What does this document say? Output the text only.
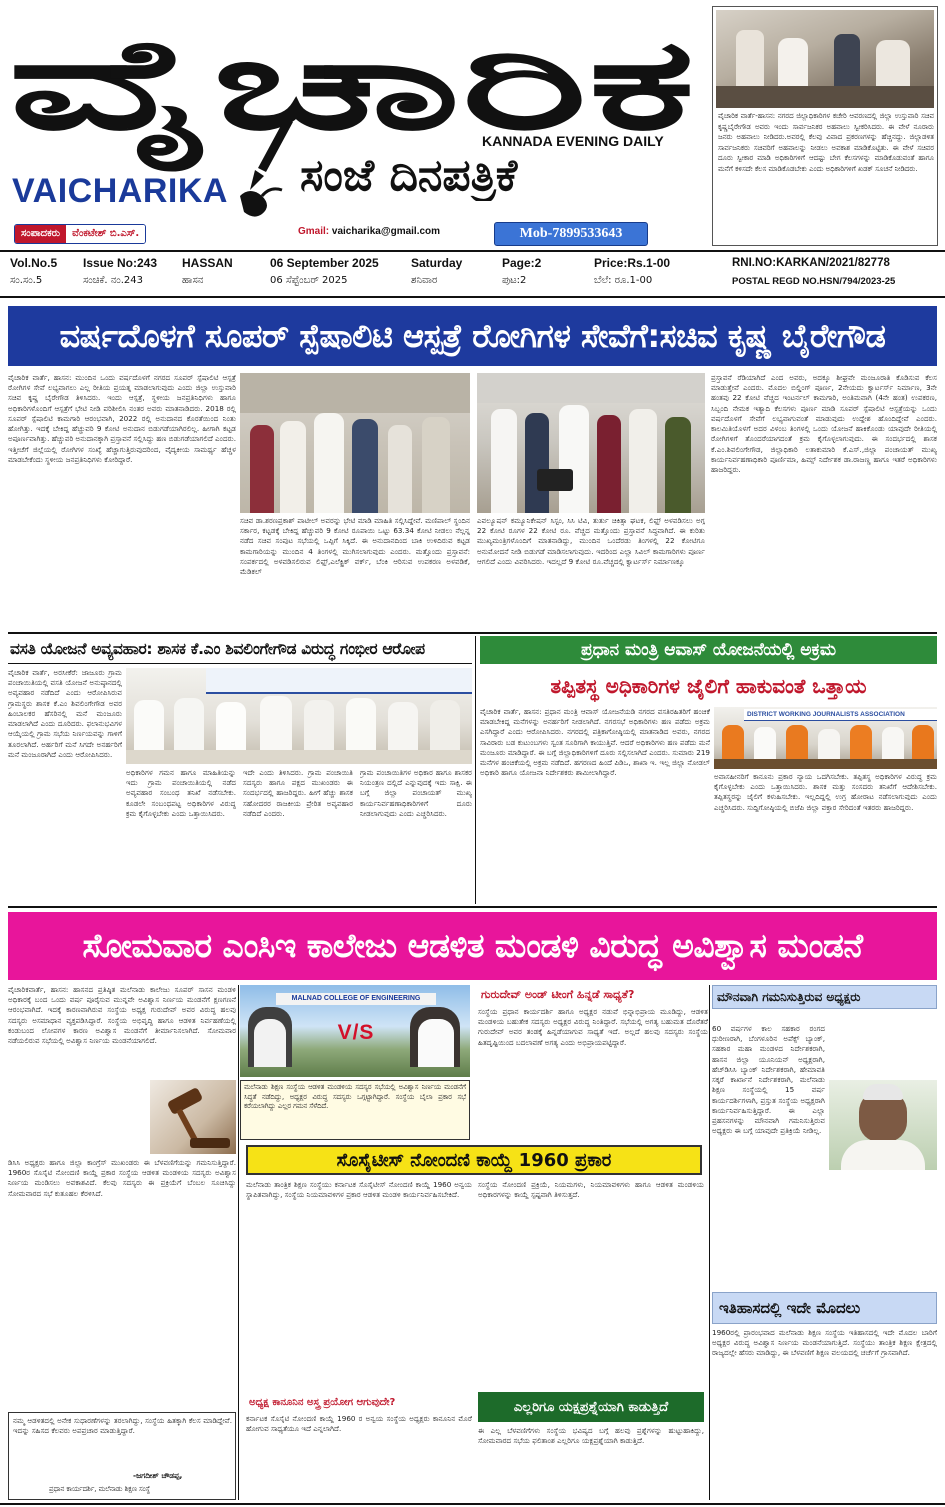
ವೈಚಾರಿಕ
VAICHARIKA
KANNADA EVENING DAILY
ಸಂಜೆ ದಿನಪತ್ರಿಕೆ
ಸಂಪಾದಕರು	ವೆಂಕಟೇಶ್ ಬಿ.ಎಸ್.	Gmail: vaicharika@gmail.com	Mob-7899533643
ವೈಚಾರಿಕ ವಾರ್ತೆ-ಹಾಸನ: ನಗರದ ಜಿಲ್ಲಾಧಿಕಾರಿಗಳ ಕಚೇರಿ ಆವರಣದಲ್ಲಿ ಜಿಲ್ಲಾ ಉಸ್ತುವಾರಿ ಸಚಿವ ಕೃಷ್ಣಬೈರೇಗೌಡ ಅವರು ಇಂದು ಸಾರ್ವಜನಿಕರ ಅಹವಾಲು ಸ್ವೀಕರಿಸಿದರು. ಈ ವೇಳೆ ನೂರಾರು ಜನರು ಅಹವಾಲು ನೀಡಿದರು.ಅವರಲ್ಲಿ ಕೆಲವು ವಿವಾದ ಪ್ರಕರಣಗಳನ್ನು ಹೆಚ್ಚಿನದ್ದು. ಜಿಲ್ಲಾಡಳಿತ ಸಾರ್ವಜನಿಕರು ಸಚಿವರಿಗೆ ಅಹವಾಲನ್ನು ನೀಡಲು ಅವಕಾಶ ಮಾಡಿಕೊಟ್ಟಿತು. ಈ ವೇಳೆ ಸಚಿವರ ದೂರು ಸ್ವೀಕಾರ ಮಾಡಿ ಅಧಿಕಾರಿಗಳಿಗೆ ಆದಷ್ಟು ಬೇಗ ಕೆಲಸಗಳನ್ನು ಮಾಡಿಕೊಡುವಂತೆ ಹಾಗೂ ಮನೆಗೆ ಕಳಿಸದೇ ಕೆಲಸ ಮಾಡಿಕೊಡಬೇಕು ಎಂದು ಅಧಿಕಾರಿಗಳಿಗೆ ಖಡಕ್ ಸೂಚನೆ ನೀಡಿದರು.
Vol.No.5 Issue No:243 HASSAN	06 September 2025	Saturday	Page:2	Price:Rs.1-00
ಸಂ.ಸಂ.5	ಸಂಚಿಕೆ. ನಂ.243	ಹಾಸನ	06 ಸೆಪ್ಟೆಂಬರ್ 2025	ಶನಿವಾರ	ಪುಟ:2	ಬೆಲೆ: ರೂ.1-00
RNI.NO:KARKAN/2021/82778
POSTAL REGD NO.HSN/794/2023-25
ವರ್ಷದೊಳಗೆ ಸೂಪರ್ ಸ್ಪೆಷಾಲಿಟಿ ಆಸ್ಪತ್ರೆ ರೋಗಿಗಳ ಸೇವೆಗೆ:ಸಚಿವ ಕೃಷ್ಣ ಬೈರೇಗೌಡ
ವೈಚಾರಿಕ ವಾರ್ತೆ, ಹಾಸನ: ಮುಂದಿನ ಒಂದು ವರ್ಷದೊಳಗೆ ನಗರದ ಸೂಪರ್ ಸ್ಪೆಷಾಲಿಟಿ ಆಸ್ಪತ್ರೆ ರೋಗಿಗಳ ಸೇವೆ ಲಭ್ಯವಾಗಲು ಎಲ್ಲ ರೀತಿಯ ಪ್ರಯತ್ನ ಮಾಡಲಾಗುವುದು ಎಂದು ಜಿಲ್ಲಾ ಉಸ್ತುವಾರಿ ಸಚಿವ ಕೃಷ್ಣ ಬೈರೇಗೌಡ ತಿಳಿಸಿದರು. ಇಂದು ಆಸ್ಪತ್ರೆ, ಸ್ಥಳೀಯ ಜನಪ್ರತಿನಿಧಿಗಳು ಹಾಗೂ ಅಧಿಕಾರಿಗಳೊಂದಿಗೆ ಆಸ್ಪತ್ರೆಗೆ ಭೇಟಿ ನೀಡಿ ಪರಿಶೀಲಿಸಿ ನಂತರ ಅವರು ಮಾತನಾಡಿದರು. 2018 ರಲ್ಲಿ ಸೂಪರ್ ಸ್ಪೆಷಾಲಿಟಿ ಕಾಮಗಾರಿ ಆರಂಭವಾಗಿ, 2022 ರಲ್ಲಿ ಅನುದಾನದ ಕೊರತೆಯಿಂದ ನಿಂತು ಹೋಗಿತ್ತು. ಇದಕ್ಕೆ ಬೇಕಿದ್ದ ಹೆಚ್ಚುವರಿ 9 ಕೋಟಿ ಅನುದಾನ ಬಿಡುಗಡೆಯಾಗಿರಲಿಲ್ಲ. ಹೀಗಾಗಿ ಕಟ್ಟಡ ಅಪೂರ್ಣವಾಗಿತ್ತು. ಹೆಚ್ಚುವರಿ ಅನುದಾನಕ್ಕಾಗಿ ಪ್ರಸ್ತಾವನೆ ಸಲ್ಲಿಸಿದ್ದು ಹಣ ಬಿಡುಗಡೆಯಾಗಲಿದೆ ಎಂದರು. ಇತ್ತೀಚೆಗೆ ಜಿಲ್ಲೆಯಲ್ಲಿ ರೋಗಿಗಳ ಸಂಖ್ಯೆ ಹೆಚ್ಚಾಗುತ್ತಿರುವುದರಿಂದ, ವೈದ್ಯಕೀಯ ಸಾಮರ್ಥ್ಯ ಹೆಚ್ಚಳ ಮಾಡಬೇಕೆಂದು ಸ್ಥಳೀಯ ಜನಪ್ರತಿನಿಧಿಗಳು ಕೋರಿದ್ದಾರೆ.
ಸಚಿವ ಡಾ.ಶರಣಪ್ರಕಾಶ್ ಪಾಟೀಲ್ ಅವರನ್ನು ಭೇಟಿ ಮಾಡಿ ಮಾಹಿತಿ ಸಲ್ಲಿಸಿದ್ದೇವೆ. ಮಣಿಪಾಲ್ ಸ್ಥಂದಿನ ಸರ್ಕಾರ, ಕಟ್ಟಡಕ್ಕೆ ಬೇಕಿದ್ದ ಹೆಚ್ಚುವರಿ 9 ಕೋಟಿ ರೂಪಾಯಿ ಒಟ್ಟು 63.34 ಕೋಟಿ ನೀಡಲು ನೆಲ್ಲನ್ನ ನಡೆದ ಸಚಿವ ಸಂಪುಟ ಸಭೆಯಲ್ಲಿ ಒಪ್ಪಿಗೆ ಸಿಕ್ಕಿದೆ. ಈ ಅನುದಾನದಿಂದ ಬಾಕಿ ಉಳಿದಿರುವ ಕಟ್ಟಡ ಕಾಮಗಾರಿಯನ್ನು ಮುಂದಿನ 4 ತಿಂಗಳಲ್ಲಿ ಮುಗಿಸಲಾಗುವುದು ಎಂದರು. ಮತ್ತೊಂದು ಪ್ರಸ್ತಾವನೆ: ಸಂಪರ್ಕದಲ್ಲಿ ಅಳವಡಿಸಲಿರುವ ಲಿಫ್ಟ್,ಎಲೆಕ್ಟ್ರಿಕ್ ವರ್ಕ್, ಬೆಂಕಿ ಆರಿಸುವ ಉಪಕರಣ ಅಳವಡಿಕೆ, ಮೆಡಿಕಲ್
ಎವಲ್ಯೂಷನ್ ಕಮ್ಯೂನಿಕೇಷನ್ ಸಿಸ್ಟಂ, ಸಿಸಿ ಟಿವಿ, ತುರ್ತು ಚಿಕಿತ್ಸಾ ಘಟಕ, ಲಿಫ್ಟ್ ಅಳವಡಿಸಲು ಅಗ್ಗ 22 ಕೋಟಿ ರೂಗಳ 22 ಕೋಟಿ ರೂ. ವೆಚ್ಚದ ಮತ್ತೊಂದು ಪ್ರಸ್ತಾವನೆ ಸಿದ್ಧವಾಗಿದೆ. ಈ ಕುರಿತು ಮುಖ್ಯಮಂತ್ರಿಗಳೊಂದಿಗೆ ಮಾತನಾಡಿದ್ದು, ಮುಂದಿನ ಒಂದೆರಡು ತಿಂಗಳಲ್ಲಿ 22 ಕೋಟಿಗೂ ಅನುಮೋದನೆ ನೀಡಿ ಬಿಡುಗಡೆ ಮಾಡಿಸಲಾಗುವುದು. ಇದರಿಂದ ಎಲ್ಲಾ ಸಿವಿಲ್ ಕಾಮಗಾರಿಗಳು ಪೂರ್ಣ ಆಗಲಿದೆ ಎಂದು ವಿವರಿಸಿದರು. ಇದಲ್ಲದೆ 9 ಕೋಟಿ ರೂ.ವೆಚ್ಚದಲ್ಲಿ ಕ್ವಾರ್ಟರ್ಸ್ ನಿರ್ಮಾಣಕ್ಕೂ
ಪ್ರಸ್ತಾವನೆ ರೆಡಿಯಾಗಿದೆ ಎಂದ ಅವರು, ಅದಕ್ಕೂ ಶೀಘ್ರವೇ ಮಂಜೂರಾತಿ ಕೊಡಿಸುವ ಕೆಲಸ ಮಾಡುತ್ತೇವೆ ಎಂದರು. ಮೊದಲ ಬಿಲ್ಡಿಂಗ್ ಪೂರ್ಣ, 2ನೇಯದು ಕ್ವಾರ್ಟರ್ಸ್ ನಿರ್ಮಾಣ, 3ನೇ ಹಂತವು 22 ಕೋಟಿ ವೆಚ್ಚದ ಇಂಟರ್ನಲ್ ಕಾಮಗಾರಿ, ಅಂತಿಮವಾಗಿ (4ನೇ ಹಂತ) ಉಪಕರಣ, ಸಿಬ್ಬಂದಿ ನೇಮಕ ಇತ್ಯಾದಿ ಕೆಲಸಗಳು ಪೂರ್ಣ ಮಾಡಿ ಸೂಪರ್ ಸ್ಪೆಷಾಲಿಟಿ ಆಸ್ಪತ್ರೆಯನ್ನು ಒಂದು ವರ್ಷದೊಳಗೆ ಸೇವೆಗೆ ಲಭ್ಯವಾಗುವಂತೆ ಮಾಡುವುದು ಉದ್ದೇಶ ಹೊಂದಿದ್ದೇವೆ ಎಂದರು. ಕಾಲಮಿತಿಯೊಳಗೆ ಅದರ ವಿಳಂಬ ತಿಂಗಳಲ್ಲಿ ಒಂದು ಯೋಜನೆ ಹಾಕಿಕೊಂಡು ಯಾವುದೇ ರೀತಿಯಲ್ಲಿ ರೋಗಿಗಳಿಗೆ ತೊಂದರೆಯಾಗದಂತೆ ಕ್ರಮ ಕೈಗೊಳ್ಳಲಾಗುವುದು. ಈ ಸಂದರ್ಭದಲ್ಲಿ ಶಾಸಕ ಕೆ.ಎಂ.ಶಿವಲಿಂಗೇಗೌಡ, ಜಿಲ್ಲಾಧಿಕಾರಿ ಲತಾಕುಮಾರಿ ಕೆ.ಎಸ್.,ಜಿಲ್ಲಾ ಪಂಚಾಯತ್ ಮುಖ್ಯ ಕಾರ್ಯನಿರ್ವಹಣಾಧಿಕಾರಿ ಪೂರ್ಣಿಮಾ, ಹಿಮ್ಸ್ ನಿರ್ದೇಶಕ ಡಾ.ರಾಜಣ್ಣ ಹಾಗೂ ಇತರೆ ಅಧಿಕಾರಿಗಳು ಹಾಜರಿದ್ದರು.
ವಸತಿ ಯೋಜನೆ ಅವ್ಯವಹಾರ: ಶಾಸಕ ಕೆ.ಎಂ ಶಿವಲಿಂಗೇಗೌಡ ವಿರುದ್ಧ ಗಂಭೀರ ಆರೋಪ
ವೈಚಾರಿಕ ವಾರ್ತೆ, ಅರಸೀಕೆರೆ: ಜಾಜೂರು ಗ್ರಾಮ ಪಂಚಾಯಿತಿಯಲ್ಲಿ ವಸತಿ ಯೋಜನೆ ಅನುಷ್ಠಾನದಲ್ಲಿ ಅವ್ಯವಹಾರ ನಡೆದಿದೆ ಎಂದು ಆರೋಪಿಸಿರುವ ಗ್ರಾಮಸ್ಥರು ಶಾಸಕ ಕೆ.ಎಂ ಶಿವಲಿಂಗೇಗೌಡ ಅವರ ಹಿಂಬಾಲಕರ ಹೆಸರಿನಲ್ಲಿ ಮನೆ ಮಂಜೂರು ಮಾಡಲಾಗಿದೆ ಎಂದು ದೂರಿದರು. ಫಲಾನುಭವಿಗಳ ಆಯ್ಕೆಯಲ್ಲಿ ಗ್ರಾಮ ಸಭೆಯ ನಿರ್ಣಯವನ್ನು ಗಾಳಿಗೆ ತೂರಲಾಗಿದೆ. ಅರ್ಹರಿಗೆ ಮನೆ ಸಿಗದೇ ಅನರ್ಹರಿಗೆ ಮನೆ ಮಂಜೂರಾಗಿದೆ ಎಂದು ಆರೋಪಿಸಿದರು.
ಅಧಿಕಾರಿಗಳ ಗಮನ ಹಾಗೂ ಮಾಹಿತಿಯನ್ನು ಇದು ಗ್ರಾಮ ಪಂಚಾಯಿತಿಯಲ್ಲಿ ನಡೆದ ಅವ್ಯವಹಾರ ಸಂಬಂಧ ತನಿಖೆ ನಡೆಸಬೇಕು. ಕೂಡಲೇ ಸಂಬಂಧಪಟ್ಟ ಅಧಿಕಾರಿಗಳ ವಿರುದ್ಧ ಕ್ರಮ ಕೈಗೊಳ್ಳಬೇಕು ಎಂದು ಒತ್ತಾಯಿಸಿದರು.
ಇದೇ ಎಂದು ತಿಳಿಸಿದರು. ಗ್ರಾಮ ಪಂಚಾಯಿತಿ ಸದಸ್ಯರು ಹಾಗೂ ಪಕ್ಷದ ಮುಖಂಡರು ಈ ಸಂದರ್ಭದಲ್ಲಿ ಹಾಜರಿದ್ದರು. ಹೀಗೆ ಹೆಚ್ಚು ಶಾಸಕ ಸಹೋದರರ ರಾಜಕೀಯ ಪ್ರೇರಿತ ಅವ್ಯವಹಾರ ನಡೆದಿದೆ ಎಂದರು.
ಗ್ರಾಮ ಪಂಚಾಯಿತಿಗಳ ಅಧಿಕಾರ ಹಾಗೂ ಶಾಸಕರ ನಿಯಂತ್ರಣ ದಲ್ಲಿದೆ ಎನ್ನುವುದಕ್ಕೆ ಇದು ಸಾಕ್ಷಿ. ಈ ಬಗ್ಗೆ ಜಿಲ್ಲಾ ಪಂಚಾಯತ್ ಮುಖ್ಯ ಕಾರ್ಯನಿರ್ವಹಣಾಧಿಕಾರಿಗಳಿಗೆ ದೂರು ನೀಡಲಾಗುವುದು ಎಂದು ಎಚ್ಚರಿಸಿದರು.
ಪ್ರಧಾನ ಮಂತ್ರಿ ಆವಾಸ್ ಯೋಜನೆಯಲ್ಲಿ ಅಕ್ರಮ
ತಪ್ಪಿತಸ್ಥ ಅಧಿಕಾರಿಗಳ ಜೈಲಿಗೆ ಹಾಕುವಂತೆ ಒತ್ತಾಯ
ವೈಚಾರಿಕ ವಾರ್ತೆ, ಹಾಸನ: ಪ್ರಧಾನ ಮಂತ್ರಿ ಆವಾಸ್ ಯೋಜನೆಯಡಿ ನಗರದ ವಸತಿರಹಿತರಿಗೆ ಹಂಚಿಕೆ ಮಾಡಬೇಕಿದ್ದ ಮನೆಗಳನ್ನು ಅನರ್ಹರಿಗೆ ನೀಡಲಾಗಿದೆ. ನಗರಸಭೆ ಅಧಿಕಾರಿಗಳು ಹಣ ಪಡೆದು ಅಕ್ರಮ ಎಸಗಿದ್ದಾರೆ ಎಂದು ಆರೋಪಿಸಿದರು. ನಗರದಲ್ಲಿ ಪತ್ರಿಕಾಗೋಷ್ಠಿಯಲ್ಲಿ ಮಾತನಾಡಿದ ಅವರು, ನಗರದ ಸಾವಿರಾರು ಬಡ ಕುಟುಂಬಗಳು ಸ್ವಂತ ಸೂರಿಗಾಗಿ ಕಾಯುತ್ತಿವೆ. ಆದರೆ ಅಧಿಕಾರಿಗಳು ಹಣ ಪಡೆದು ಮನೆ ಮಂಜೂರು ಮಾಡಿದ್ದಾರೆ. ಈ ಬಗ್ಗೆ ಜಿಲ್ಲಾಧಿಕಾರಿಗಳಿಗೆ ದೂರು ಸಲ್ಲಿಸಲಾಗಿದೆ ಎಂದರು. ಸುಮಾರು 219 ಮನೆಗಳ ಹಂಚಿಕೆಯಲ್ಲಿ ಅಕ್ರಮ ನಡೆದಿದೆ. ಹಗರಣದ ಹಿಂದೆ ಪಿಡಿಒ, ಶಾಖಾ ಇ. ಇಲ್ಲ ಜಿಲ್ಲಾ ನೋಡಲ್ ಅಧಿಕಾರಿ ಹಾಗೂ ಯೋಜನಾ ನಿರ್ದೇಶಕರು ಶಾಮೀಲಾಗಿದ್ದಾರೆ.
DISTRICT WORKING JOURNALISTS ASSOCIATION
ಅವಾಸಹೀನರಿಗೆ ಕಾನೂನು ಪ್ರಕಾರ ನ್ಯಾಯ ಒದಗಿಸಬೇಕು. ತಪ್ಪಿತಸ್ಥ ಅಧಿಕಾರಿಗಳ ವಿರುದ್ಧ ಕ್ರಮ ಕೈಗೊಳ್ಳಬೇಕು ಎಂದು ಒತ್ತಾಯಿಸಿದರು. ಶಾಸಕ ಮತ್ತು ಸಂಸದರು ತನಿಖೆಗೆ ಆದೇಶಿಸಬೇಕು. ತಪ್ಪಿತಸ್ಥರನ್ನು ಜೈಲಿಗೆ ಕಳುಹಿಸಬೇಕು. ಇಲ್ಲದಿದ್ದಲ್ಲಿ ಉಗ್ರ ಹೋರಾಟ ನಡೆಸಲಾಗುವುದು ಎಂದು ಎಚ್ಚರಿಸಿದರು. ಸುದ್ದಿಗೋಷ್ಠಿಯಲ್ಲಿ ಬಿಜೆಪಿ ಜಿಲ್ಲಾ ವಕ್ತಾರ ಸೇರಿದಂತೆ ಇತರರು ಹಾಜರಿದ್ದರು.
ಸೋಮವಾರ ಎಂಸಿಇ ಕಾಲೇಜು ಆಡಳಿತ ಮಂಡಳಿ ವಿರುದ್ಧ ಅವಿಶ್ವಾಸ ಮಂಡನೆ
ವೈಚಾರಿಕವಾರ್ತೆ, ಹಾಸನ: ಹಾಸನದ ಪ್ರತಿಷ್ಠಿತ ಮಲೆನಾಡು ಕಾಲೇಜು ಸೂಪರ್ ಸಾಸನ ಮಂಡಳಿ ಅಧಿಕಾರಕ್ಕೆ ಬಂದ ಒಂದು ವರ್ಷ ಪೂರೈಸುವ ಮುನ್ನವೇ ಅವಿಶ್ವಾಸ ನಿರ್ಣಯ ಮಂಡನೆಗೆ ಕ್ಷಣಗಣನೆ ಆರಂಭವಾಗಿದೆ. ಇದಕ್ಕೆ ಕಾರಣವಾಗಿರುವ ಸಂಸ್ಥೆಯ ಅಧ್ಯಕ್ಷ ಗುರುದೇವ್ ಅವರ ವಿರುದ್ಧ ಹಲವು ಸದಸ್ಯರು ಅಸಮಾಧಾನ ವ್ಯಕ್ತಪಡಿಸಿದ್ದಾರೆ. ಸಂಸ್ಥೆಯ ಅಭಿವೃದ್ಧಿ ಹಾಗೂ ಆಡಳಿತ ನಿರ್ವಹಣೆಯಲ್ಲಿ ಕಂಡುಬಂದ ಲೋಪಗಳ ಕಾರಣ ಅವಿಶ್ವಾಸ ಮಂಡನೆಗೆ ತೀರ್ಮಾನಿಸಲಾಗಿದೆ. ಸೋಮವಾರ ನಡೆಯಲಿರುವ ಸಭೆಯಲ್ಲಿ ಅವಿಶ್ವಾಸ ನಿರ್ಣಯ ಮಂಡನೆಯಾಗಲಿದೆ.
ಡಿಸಿಸಿ ಅಧ್ಯಕ್ಷರು ಹಾಗೂ ಜಿಲ್ಲಾ ಕಾಂಗ್ರೆಸ್ ಮುಖಂಡರು ಈ ಬೆಳವಣಿಗೆಯನ್ನು ಗಮನಿಸುತ್ತಿದ್ದಾರೆ. 1960ರ ಸೊಸೈಟಿ ನೋಂದಣಿ ಕಾಯ್ದೆ ಪ್ರಕಾರ ಸಂಸ್ಥೆಯ ಆಡಳಿತ ಮಂಡಳಿಯ ಸದಸ್ಯರು ಅವಿಶ್ವಾಸ ನಿರ್ಣಯ ಮಂಡಿಸಲು ಅವಕಾಶವಿದೆ. ಕೆಲವು ಸದಸ್ಯರು ಈ ಪ್ರಕ್ರಿಯೆಗೆ ಬೆಂಬಲ ಸೂಚಿಸಿದ್ದು ಸೋಮವಾರದ ಸಭೆ ಕುತೂಹಲ ಕೆರಳಿಸಿದೆ.
MALNAD COLLEGE OF ENGINEERING
V/S
ಮಲೆನಾಡು ಶಿಕ್ಷಣ ಸಂಸ್ಥೆಯ ಆಡಳಿತ ಮಂಡಳಿಯ ಸದಸ್ಯರ ಸಭೆಯಲ್ಲಿ ಅವಿಶ್ವಾಸ ನಿರ್ಣಯ ಮಂಡನೆಗೆ ಸಿದ್ಧತೆ ನಡೆದಿದ್ದು, ಅಧ್ಯಕ್ಷರ ವಿರುದ್ಧ ಸದಸ್ಯರು ಒಗ್ಗಟ್ಟಾಗಿದ್ದಾರೆ. ಸಂಸ್ಥೆಯ ಬೈಲಾ ಪ್ರಕಾರ ಸಭೆ ಕರೆಯಲಾಗಿದ್ದು ಎಲ್ಲರ ಗಮನ ಸೆಳೆದಿದೆ.
ಗುರುದೇವ್ ಅಂಡ್ ಟೀಂಗೆ ಹಿನ್ನಡೆ ಸಾಧ್ಯತೆ?
ಸಂಸ್ಥೆಯ ಪ್ರಧಾನ ಕಾರ್ಯದರ್ಶಿ ಹಾಗೂ ಅಧ್ಯಕ್ಷರ ನಡುವೆ ಭಿನ್ನಾಭಿಪ್ರಾಯ ಮೂಡಿದ್ದು, ಆಡಳಿತ ಮಂಡಳಿಯ ಬಹುತೇಕ ಸದಸ್ಯರು ಅಧ್ಯಕ್ಷರ ವಿರುದ್ಧ ನಿಂತಿದ್ದಾರೆ. ಸಭೆಯಲ್ಲಿ ಅಗತ್ಯ ಬಹುಮತ ದೊರೆತರೆ ಗುರುದೇವ್ ಅವರ ತಂಡಕ್ಕೆ ಹಿನ್ನಡೆಯಾಗುವ ಸಾಧ್ಯತೆ ಇದೆ. ಅಲ್ಲದೆ ಹಲವು ಸದಸ್ಯರು ಸಂಸ್ಥೆಯ ಹಿತದೃಷ್ಟಿಯಿಂದ ಬದಲಾವಣೆ ಅಗತ್ಯ ಎಂದು ಅಭಿಪ್ರಾಯಪಟ್ಟಿದ್ದಾರೆ.
ಮೌನವಾಗಿ ಗಮನಿಸುತ್ತಿರುವ ಅಧ್ಯಕ್ಷರು
60 ವರ್ಷಗಳ ಕಾಲ ಸಹಕಾರ ರಂಗದ ಧುರೀಣರಾಗಿ, ಬೆಂಗಳೂರಿನ ಅಪೆಕ್ಸ್ ಬ್ಯಾಂಕ್, ಸಹಕಾರ ಮಹಾ ಮಂಡಳದ ನಿರ್ದೇಶಕರಾಗಿ, ಹಾಸನ ಜಿಲ್ಲಾ ಯೂನಿಯನ್ ಅಧ್ಯಕ್ಷರಾಗಿ, ಹೆಚ್‌ಡಿಸಿಸಿ ಬ್ಯಾಂಕ್ ನಿರ್ದೇಶಕರಾಗಿ, ಹೇಮಾವತಿ ಸಕ್ಕರೆ ಕಾರ್ಖಾನೆ ನಿರ್ದೇಶಕರಾಗಿ, ಮಲೆನಾಡು ಶಿಕ್ಷಣ ಸಂಸ್ಥೆಯಲ್ಲಿ 15 ವರ್ಷ ಕಾರ್ಯದರ್ಶಿಗಳಾಗಿ, ಪ್ರಸ್ತುತ ಸಂಸ್ಥೆಯ ಅಧ್ಯಕ್ಷರಾಗಿ ಕಾರ್ಯನಿರ್ವಹಿಸುತ್ತಿದ್ದಾರೆ. ಈ ಎಲ್ಲಾ ಪ್ರಹಸನಗಳನ್ನು ಮೌನವಾಗಿ ಗಮನಿಸುತ್ತಿರುವ ಅಧ್ಯಕ್ಷರು ಈ ಬಗ್ಗೆ ಯಾವುದೇ ಪ್ರತಿಕ್ರಿಯೆ ನೀಡಿಲ್ಲ.
ಸೊಸೈಟೀಸ್ ನೋಂದಣಿ ಕಾಯ್ದೆ 1960 ಪ್ರಕಾರ
ಮಲೆನಾಡು ತಾಂತ್ರಿಕ ಶಿಕ್ಷಣ ಸಂಸ್ಥೆಯು ಕರ್ನಾಟಕ ಸೊಸೈಟೀಸ್ ನೋಂದಣಿ ಕಾಯ್ದೆ 1960 ಅನ್ವಯ ಸ್ಥಾಪಿತವಾಗಿದ್ದು, ಸಂಸ್ಥೆಯ ನಿಯಮಾವಳಿಗಳ ಪ್ರಕಾರ ಆಡಳಿತ ಮಂಡಳಿ ಕಾರ್ಯನಿರ್ವಹಿಸಬೇಕಿದೆ.
ಸಂಸ್ಥೆಯ ನೋಂದಣಿ ಪ್ರಕ್ರಿಯೆ, ನಿಯಮಗಳು, ನಿಯಮಾವಳಿಗಳು ಹಾಗೂ ಆಡಳಿತ ಮಂಡಳಿಯ ಅಧಿಕಾರಗಳನ್ನು ಕಾಯ್ದೆ ಸ್ಪಷ್ಟವಾಗಿ ತಿಳಿಸುತ್ತದೆ.
ಇತಿಹಾಸದಲ್ಲಿ ಇದೇ ಮೊದಲು
1960ರಲ್ಲಿ ಪ್ರಾರಂಭವಾದ ಮಲೆನಾಡು ಶಿಕ್ಷಣ ಸಂಸ್ಥೆಯ ಇತಿಹಾಸದಲ್ಲಿ ಇದೇ ಮೊದಲ ಬಾರಿಗೆ ಅಧ್ಯಕ್ಷರ ವಿರುದ್ಧ ಅವಿಶ್ವಾಸ ನಿರ್ಣಯ ಮಂಡನೆಯಾಗುತ್ತಿದೆ. ಸಂಸ್ಥೆಯು ತಾಂತ್ರಿಕ ಶಿಕ್ಷಣ ಕ್ಷೇತ್ರದಲ್ಲಿ ರಾಜ್ಯದಲ್ಲೇ ಹೆಸರು ಮಾಡಿದ್ದು, ಈ ಬೆಳವಣಿಗೆ ಶಿಕ್ಷಣ ವಲಯದಲ್ಲಿ ಚರ್ಚೆಗೆ ಗ್ರಾಸವಾಗಿದೆ.
ಅಧ್ಯಕ್ಷ ಕಾನೂನಿನ ಅಸ್ತ್ರ ಪ್ರಯೋಗ ಆಗುವುದೇ?
ಕರ್ನಾಟಕ ಸೊಸೈಟಿ ನೋಂದಣಿ ಕಾಯ್ದೆ 1960 ರ ಅನ್ವಯ ಸಂಸ್ಥೆಯ ಅಧ್ಯಕ್ಷರು ಕಾನೂನಿನ ಮೊರೆ ಹೋಗುವ ಸಾಧ್ಯತೆಯೂ ಇದೆ ಎನ್ನಲಾಗಿದೆ.
ಎಲ್ಲರಿಗೂ ಯಕ್ಷಪ್ರಶ್ನೆಯಾಗಿ ಕಾಡುತ್ತಿದೆ
ಈ ಎಲ್ಲ ಬೆಳವಣಿಗೆಗಳು ಸಂಸ್ಥೆಯ ಭವಿಷ್ಯದ ಬಗ್ಗೆ ಹಲವು ಪ್ರಶ್ನೆಗಳನ್ನು ಹುಟ್ಟುಹಾಕಿದ್ದು, ಸೋಮವಾರದ ಸಭೆಯ ಫಲಿತಾಂಶ ಎಲ್ಲರಿಗೂ ಯಕ್ಷಪ್ರಶ್ನೆಯಾಗಿ ಕಾಡುತ್ತಿದೆ.
ನಮ್ಮ ಆಡಳಿತದಲ್ಲಿ ಅನೇಕ ಸುಧಾರಣೆಗಳನ್ನು ತರಲಾಗಿದ್ದು, ಸಂಸ್ಥೆಯ ಹಿತಕ್ಕಾಗಿ ಕೆಲಸ ಮಾಡಿದ್ದೇವೆ. ಇದನ್ನು ಸಹಿಸದ ಕೆಲವರು ಅಪಪ್ರಚಾರ ಮಾಡುತ್ತಿದ್ದಾರೆ.
-ಜಗದೀಶ್ ಚೌಡಪ್ಪ,
ಪ್ರಧಾನ ಕಾರ್ಯದರ್ಶಿ, ಮಲೆನಾಡು ಶಿಕ್ಷಣ ಸಂಸ್ಥೆ
